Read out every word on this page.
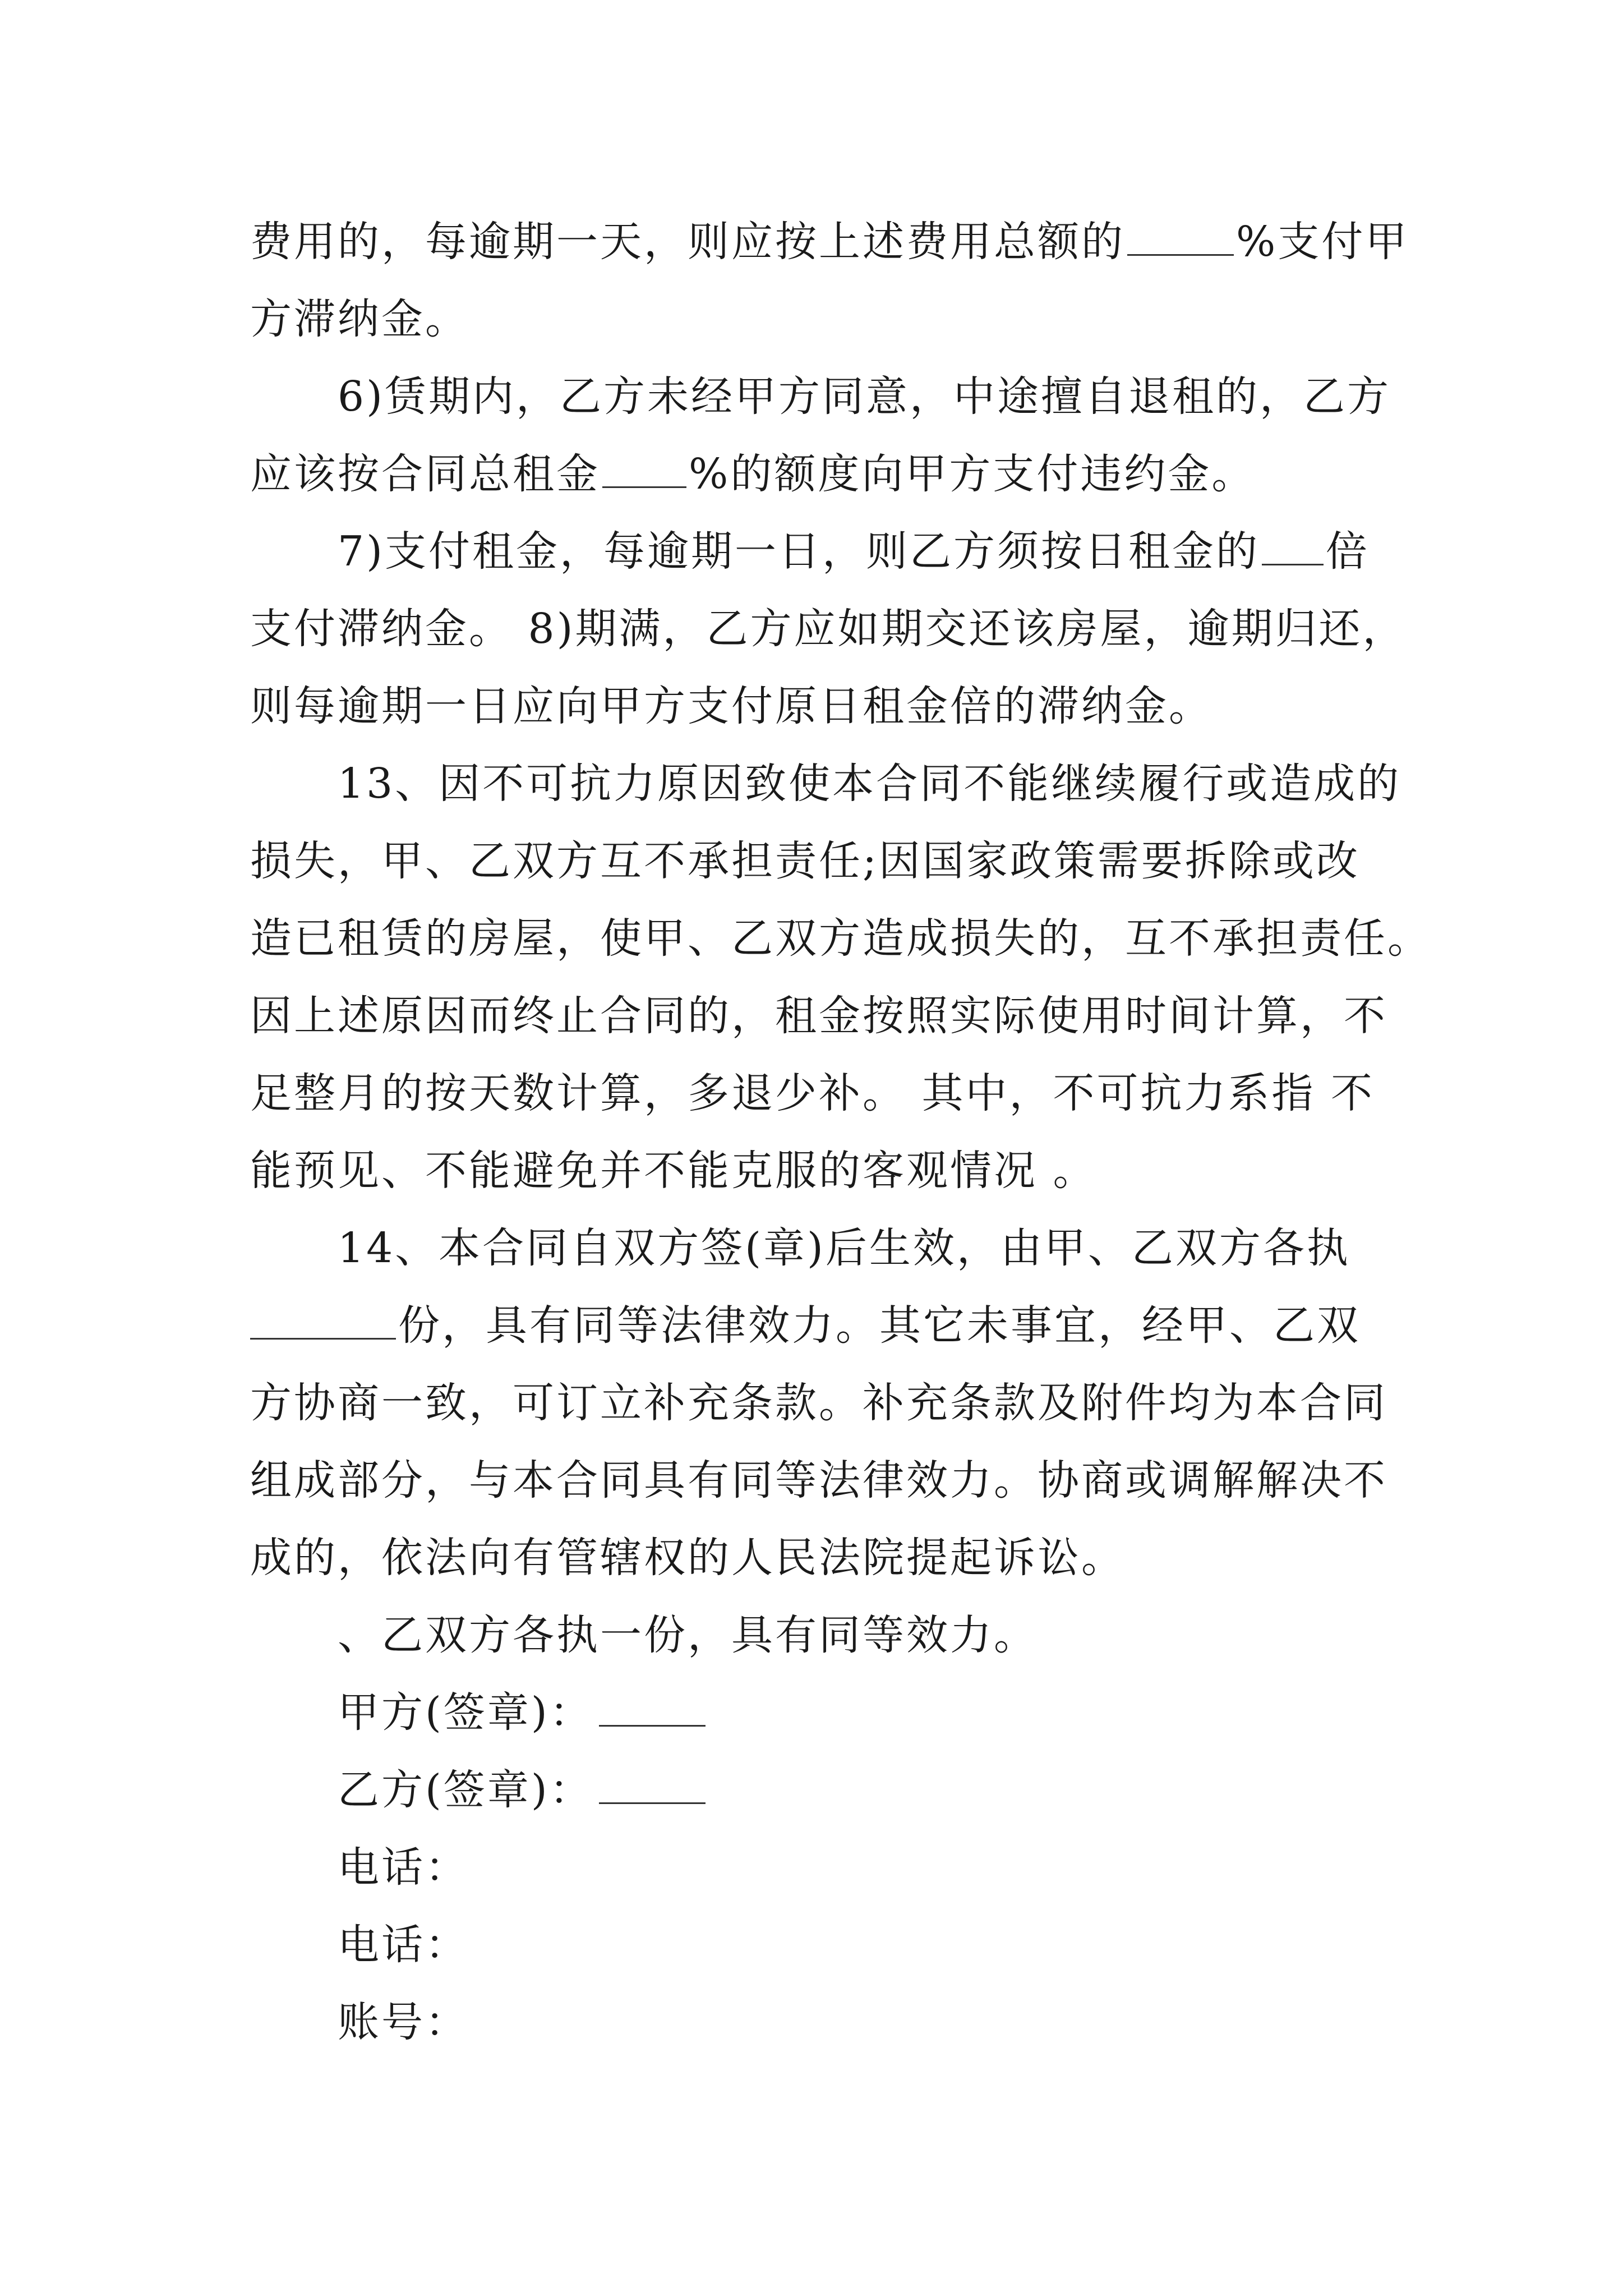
费用的，每逾期一天，则应按上述费用总额的	%支付甲
方滞纳金。

6)赁期内，乙方未经甲方同意，中途擅自退租的，乙方
应该按合同总租金 %的额度向甲方支付违约金。

7)支付租金，每逾期一日，则乙方须按日租金的 倍
支付滞纳金。 8)期满，乙方应如期交还该房屋，逾期归还，
则每逾期一日应向甲方支付原日租金倍的滞纳金。

13、因不可抗力原因致使本合同不能继续履行或造成的
损失，甲、乙双方互不承担责任;因国家政策需要拆除或改
造已租赁的房屋，使甲、乙双方造成损失的，互不承担责任。
因上述原因而终止合同的，租金按照实际使用时间计算，不
足整月的按天数计算，多退少补。 其中，不可抗力系指 不
能预见、不能避免并不能克服的客观情况 。

14、本合同自双方签(章)后生效，由甲、乙双方各执
份，具有同等法律效力。其它未事宜，经甲、乙双
方协商一致，可订立补充条款。补充条款及附件均为本合同
组成部分，与本合同具有同等法律效力。协商或调解解决不
成的，依法向有管辖权的人民法院提起诉讼。

、乙双方各执一份，具有同等效力。

甲方(签章)：

乙方(签章)：

电话：

电话：

账号：
